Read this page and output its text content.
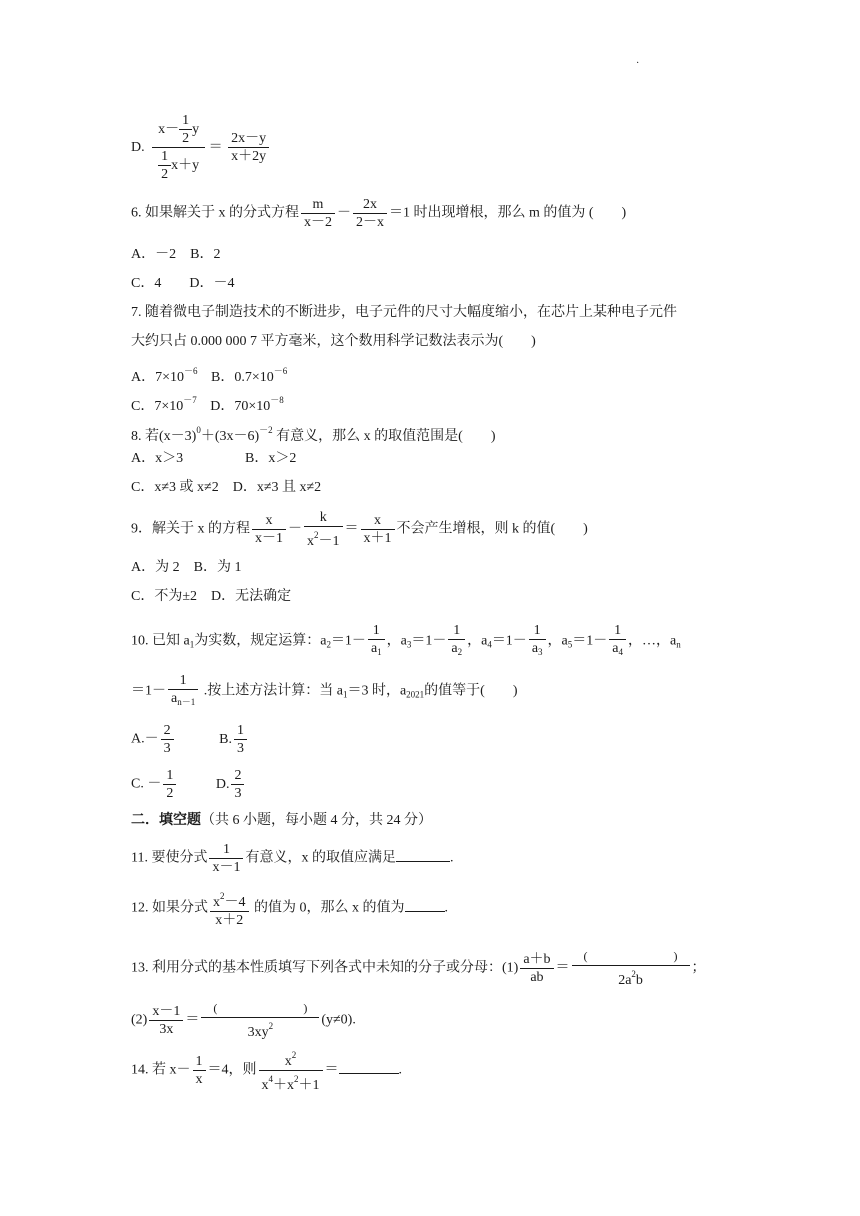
·
D. $\frac{x- \frac{1}{2} y}{\frac{1}{2} x+y} = \frac{2x-y}{x+2y}$
6. 如果解关于 x 的分式方程 $\frac{m}{x-2} - \frac{2x}{2-x} =1$ 时出现增根，那么 m 的值为 (　　)
A．－2　B．2
C．4　　D．－4
7. 随着微电子制造技术的不断进步，电子元件的尺寸大幅度缩小，在芯片上某种电子元件
大约只占 0.000 000 7 平方毫米，这个数用科学记数法表示为(　　)
A．$7\times 10^{-6}$ B．$0.7\times 10^{-6}$
C．$7\times 10^{-7}$ D．$70\times 10^{-8}$
8. 若$(x-3)^0+(3x-6)^{-2}$ 有意义，那么 x 的取值范围是(　　)
A．x＞3	B．x＞2
C．x≠3 或 x≠2　D．x≠3 且 x≠2
9．解关于 x 的方程 $\frac{x}{x-1} - \frac{k}{x^2-1} = \frac{x}{x+1}$ 不会产生增根，则 k 的值(　　)
A．为 2　B．为 1
C．不为±2　D．无法确定
10. 已知 $a_1$为实数，规定运算：$a_2=1- \frac{1}{a_1}$ ，$a_3=1- \frac{1}{a_2}$ ，$a_4=1- \frac{1}{a_3}$ ，$a_5=1- \frac{1}{a_4}$ ，…，$a_n$
$=1- \frac{1}{a_{n-1}}$ .按上述方法计算：当 $a_1=3$ 时，$a_{2021}$的值等于(　　)
$A.- \frac{2}{3}$	B. $\frac{1}{3}$
C. － $\frac{1}{2}$	D. $\frac{2}{3}$
二．填空题（共 6 小题，每小题 4 分，共 24 分）
11. 要使分式 $\frac{1}{x-1}$ 有意义，x 的取值应满足	.
12. 如果分式 $\frac{x^2-4}{x+2}$ 的值为 0，那么 x 的值为	.
13. 利用分式的基本性质填写下列各式中未知的分子或分母：$(1) \frac{a+b}{ab}$ ＝ (	)
$2a^2b$ ；
$(2) \frac{x-1}{3x}$ ＝ (	)
$3xy^2$ (y≠0).
14. 若 $x- \frac{1}{x} =4$，则 $\frac{x^2}{x^4+x^2+1}$ ＝	.
